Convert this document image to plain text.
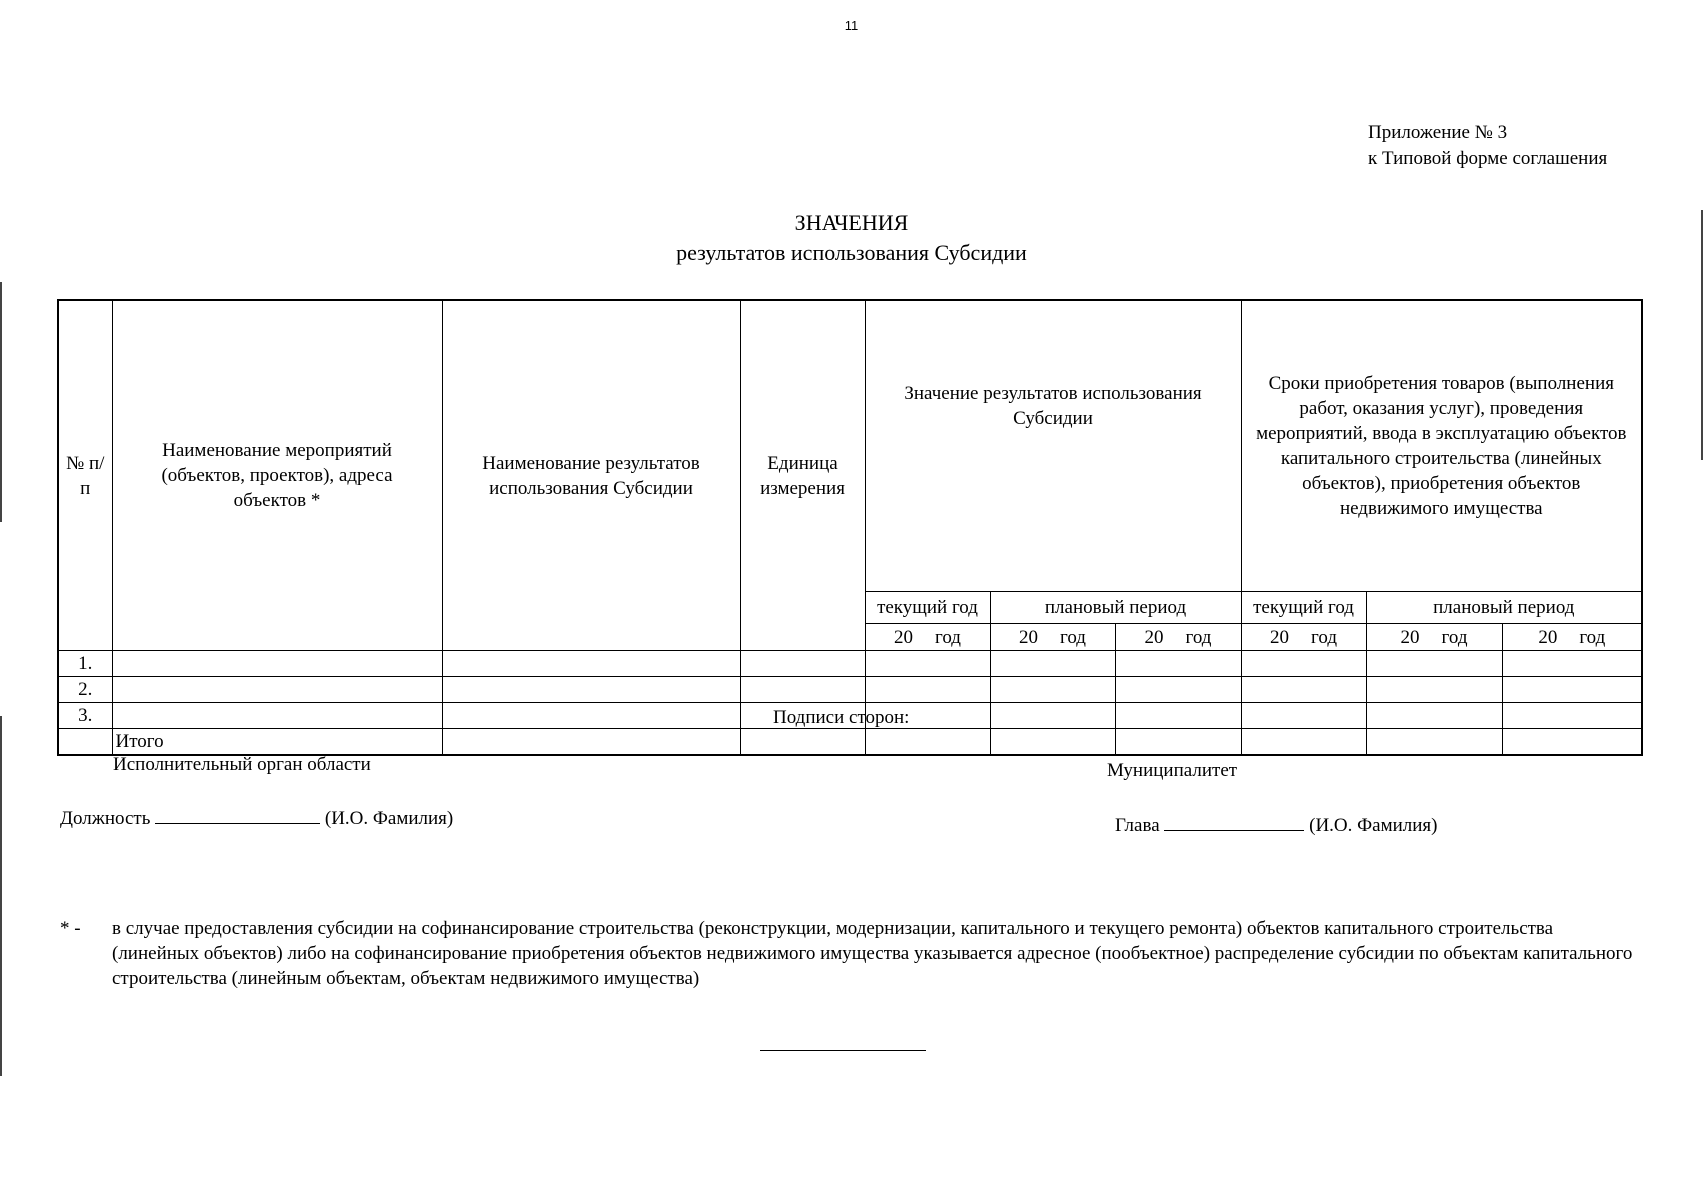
11
Приложение № 3
к Типовой форме соглашения
ЗНАЧЕНИЯ
результатов использования Субсидии
№ п/п	Наименование мероприятий (объектов, проектов), адреса объектов *	Наименование результатов использования Субсидии	Единица измерения	Значение результатов использования Субсидии			Сроки приобретения товаров (выполнения работ, оказания услуг), проведения мероприятий, ввода в эксплуатацию объектов капитального строительства (линейных объектов), приобретения объектов недвижимого имущества		
				текущий год	плановый период		текущий год	плановый период	

				20 год	20 год	20 год	20 год	20 год	20 год

1.									
2.									
3.									
	Итого								
Подписи сторон:
Исполнительный орган области
Должность	(И.О. Фамилия)
Муниципалитет
Глава	(И.О. Фамилия)
* - в случае предоставления субсидии на софинансирование строительства (реконструкции, модернизации, капитального и текущего ремонта) объектов капитального строительства (линейных объектов) либо на софинансирование приобретения объектов недвижимого имущества указывается адресное (пообъектное) распределение субсидии по объектам капитального строительства (линейным объектам, объектам недвижимого имущества)
